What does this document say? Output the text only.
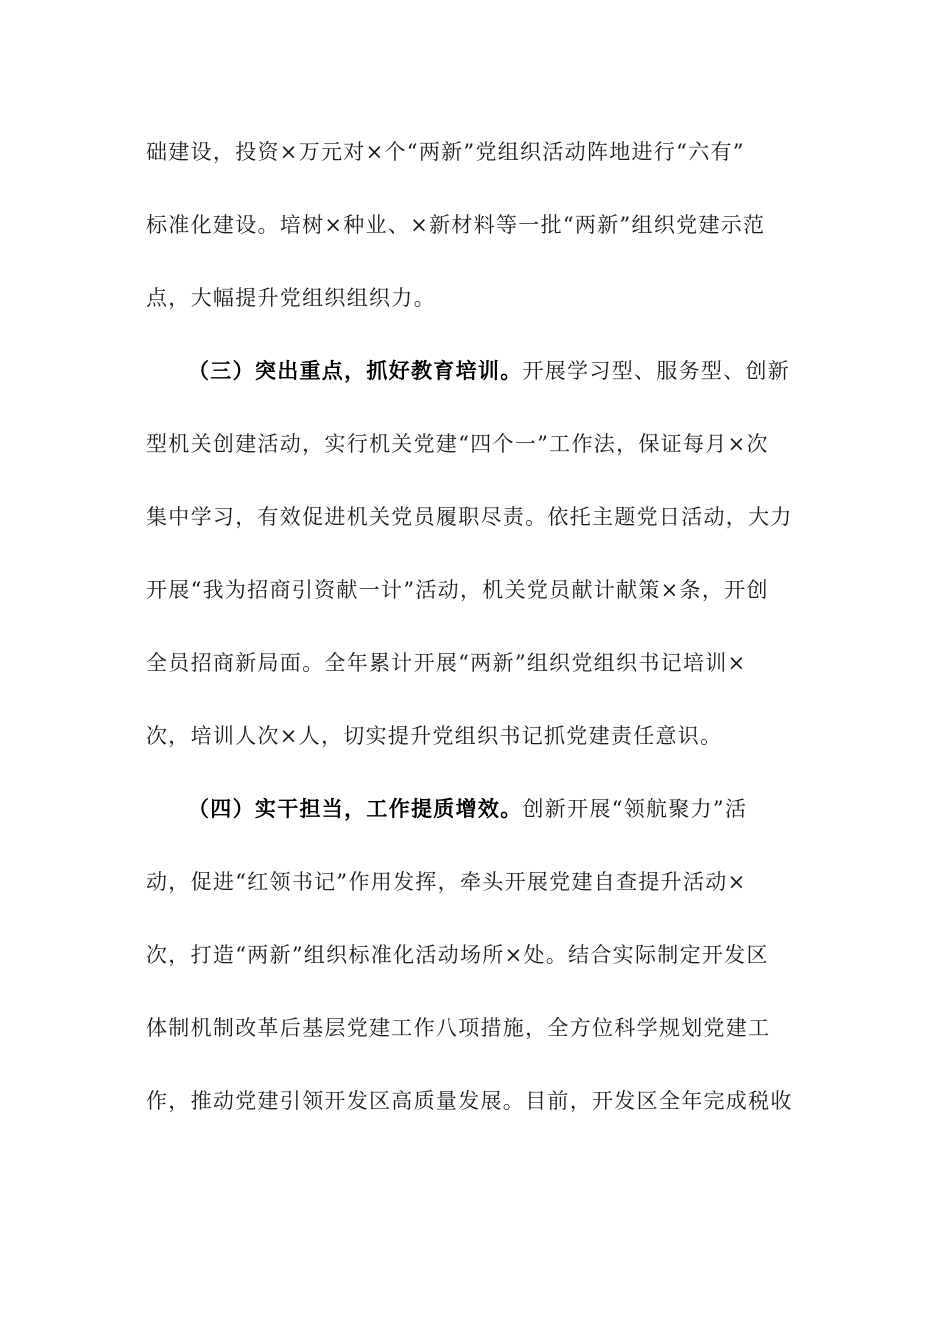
础建设，投资×万元对×个“两新”党组织活动阵地进行“六有”
标准化建设。培树×种业、×新材料等一批“两新”组织党建示范
点，大幅提升党组织组织力。
（三）突出重点，抓好教育培训。开展学习型、服务型、创新
型机关创建活动，实行机关党建“四个一”工作法，保证每月×次
集中学习，有效促进机关党员履职尽责。依托主题党日活动，大力
开展“我为招商引资献一计”活动，机关党员献计献策×条，开创
全员招商新局面。全年累计开展“两新”组织党组织书记培训×
次，培训人次×人，切实提升党组织书记抓党建责任意识。
（四）实干担当，工作提质增效。创新开展“领航聚力”活
动，促进“红领书记”作用发挥，牵头开展党建自查提升活动×
次，打造“两新”组织标准化活动场所×处。结合实际制定开发区
体制机制改革后基层党建工作八项措施，全方位科学规划党建工
作，推动党建引领开发区高质量发展。目前，开发区全年完成税收
